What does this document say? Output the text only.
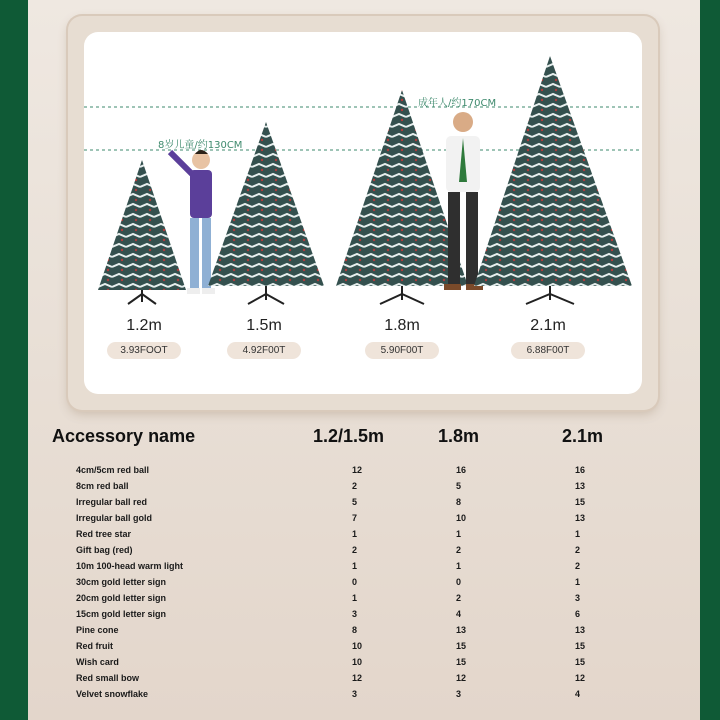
成年人/约170CM
8岁儿童/约130CM
1.2m	1.5m	1.8m	2.1m
3.93FOOT	4.92F00T	5.90F00T	6.88F00T
Accessory name	1.2/1.5m	1.8m	2.1m
4cm/5cm red ball	12	16	16
8cm red ball	2	5	13
Irregular ball red	5	8	15
Irregular ball gold	7	10	13
Red tree star	1	1	1
Gift bag (red)	2	2	2
10m 100-head warm light	1	1	2
30cm gold letter sign	0	0	1
20cm gold letter sign	1	2	3
15cm gold letter sign	3	4	6
Pine cone	8	13	13
Red fruit	10	15	15
Wish card	10	15	15
Red small bow	12	12	12
Velvet snowflake	3	3	4
